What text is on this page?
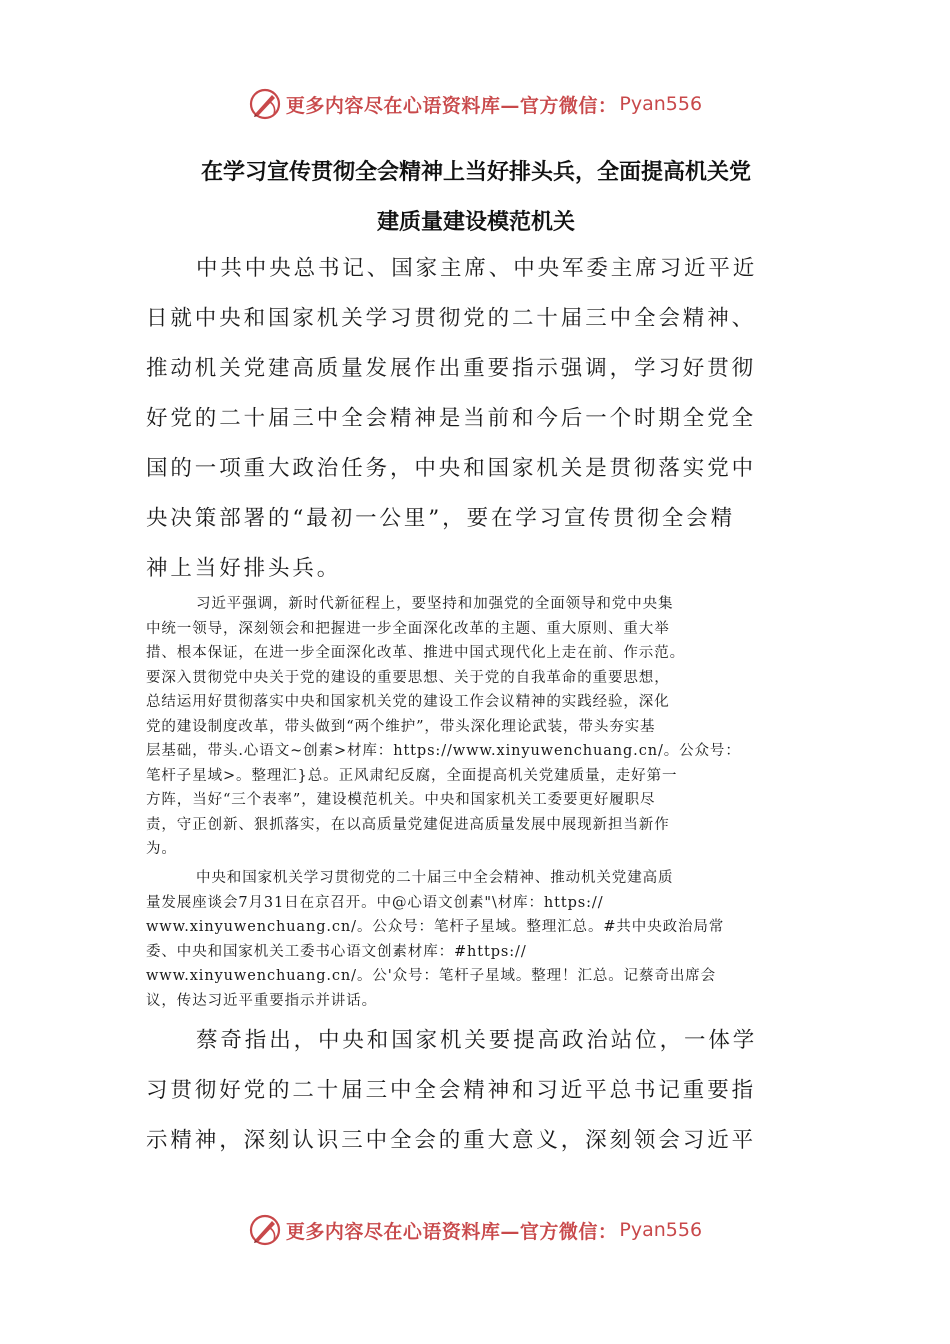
更多内容尽在心语资料库—官方微信： Pyan556
在学习宣传贯彻全会精神上当好排头兵，全面提高机关党
建质量建设模范机关

中共中央总书记、国家主席、中央军委主席习近平近

日就中央和国家机关学习贯彻党的二十届三中全会精神、

推动机关党建高质量发展作出重要指示强调，学习好贯彻

好党的二十届三中全会精神是当前和今后一个时期全党全

国的一项重大政治任务，中央和国家机关是贯彻落实党中

央决策部署的“最初一公里”，要在学习宣传贯彻全会精

神上当好排头兵。

习近平强调，新时代新征程上，要坚持和加强党的全面领导和党中央集

中统一领导，深刻领会和把握进一步全面深化改革的主题、重大原则、重大举

措、根本保证，在进一步全面深化改革、推进中国式现代化上走在前、作示范。

要深入贯彻党中央关于党的建设的重要思想、关于党的自我革命的重要思想，

总结运用好贯彻落实中央和国家机关党的建设工作会议精神的实践经验，深化

党的建设制度改革，带头做到“两个维护”，带头深化理论武装，带头夯实基

层基础，带头.心语文~创素>材库：https://www.xinyuwenchuang.cn/。公众号：

笔杆子星域>。整理汇}总。正风肃纪反腐，全面提高机关党建质量，走好第一

方阵，当好“三个表率”，建设模范机关。中央和国家机关工委要更好履职尽

责，守正创新、狠抓落实，在以高质量党建促进高质量发展中展现新担当新作

为。

中央和国家机关学习贯彻党的二十届三中全会精神、推动机关党建高质

量发展座谈会7月31日在京召开。中@心语文创素"\材库：https://

www.xinyuwenchuang.cn/。公众号：笔杆子星域。整理汇总。#共中央政治局常

委、中央和国家机关工委书心语文创素材库：#https://

www.xinyuwenchuang.cn/。公'众号：笔杆子星域。整理！汇总。记蔡奇出席会

议，传达习近平重要指示并讲话。

蔡奇指出，中央和国家机关要提高政治站位，一体学

习贯彻好党的二十届三中全会精神和习近平总书记重要指

示精神，深刻认识三中全会的重大意义，深刻领会习近平

更多内容尽在心语资料库—官方微信： Pyan556
